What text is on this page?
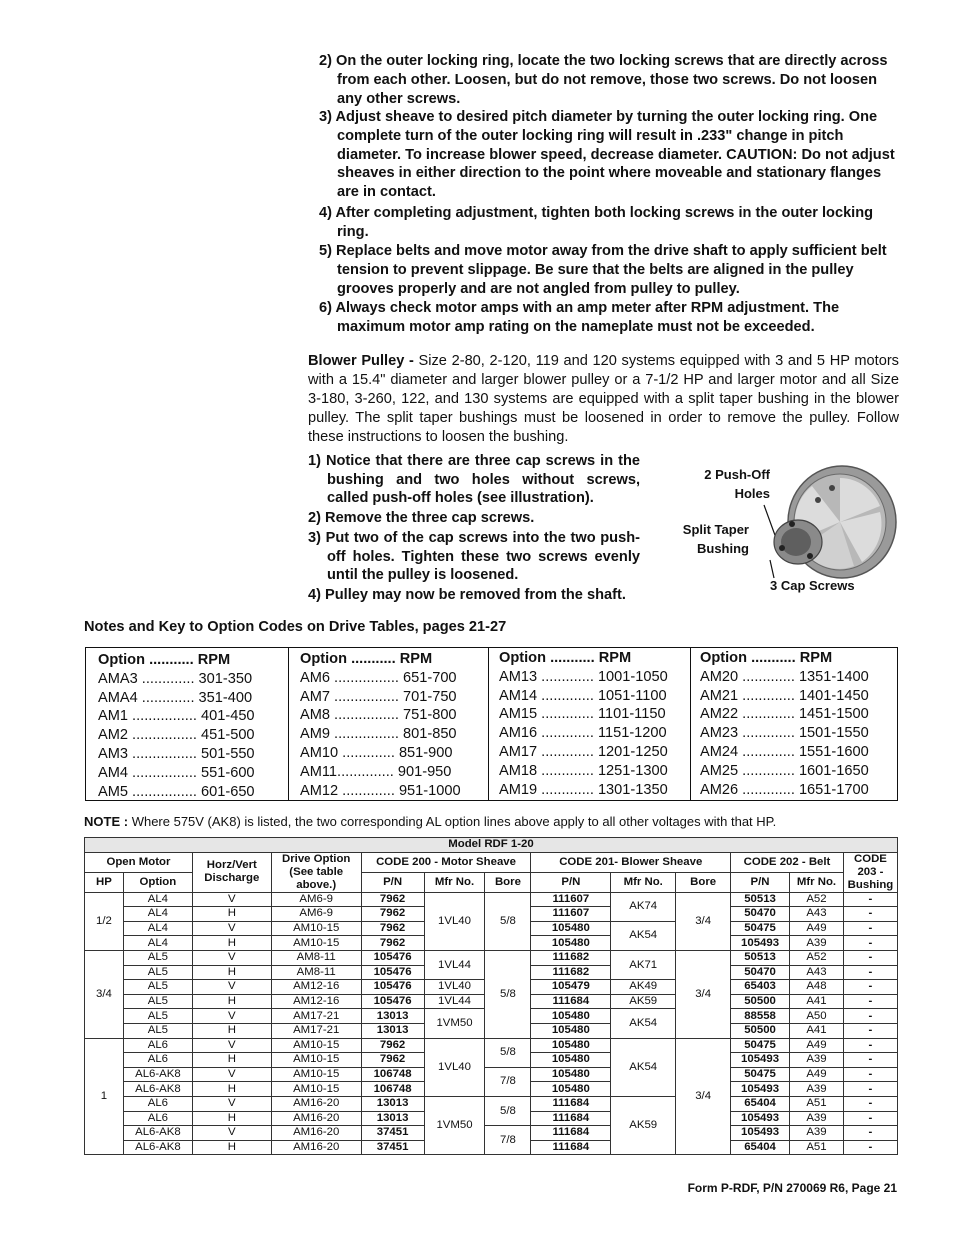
2) On the outer locking ring, locate the two locking screws that are directly across from each other. Loosen, but do not remove, those two screws. Do not loosen any other screws.
3) Adjust sheave to desired pitch diameter by turning the outer locking ring. One complete turn of the outer locking ring will result in .233" change in pitch diameter. To increase blower speed, decrease diameter. CAUTION: Do not adjust sheaves in either direction to the point where moveable and stationary flanges are in contact.
4) After completing adjustment, tighten both locking screws in the outer locking ring.
5) Replace belts and move motor away from the drive shaft to apply sufficient belt tension to prevent slippage. Be sure that the belts are aligned in the pulley grooves properly and are not angled from pulley to pulley.
6) Always check motor amps with an amp meter after RPM adjustment. The maximum motor amp rating on the nameplate must not be exceeded.
Blower Pulley - Size 2-80, 2-120, 119 and 120 systems equipped with 3 and 5 HP motors with a 15.4" diameter and larger blower pulley or a 7-1/2 HP and larger motor and all Size 3-180, 3-260, 122, and 130 systems are equipped with a split taper bushing in the blower pulley. The split taper bushings must be loosened in order to remove the pulley. Follow these instructions to loosen the bushing.
1) Notice that there are three cap screws in the bushing and two holes without screws, called push-off holes (see illustration).
2) Remove the three cap screws.
3) Put two of the cap screws into the two push-off holes. Tighten these two screws evenly until the pulley is loosened.
4) Pulley may now be removed from the shaft.
2 Push-Off
Holes
Split Taper
Bushing
3 Cap Screws
Notes and Key to Option Codes on Drive Tables, pages 21-27
Option ........... RPM
AMA3 ............. 301-350
AMA4 ............. 351-400
AM1 ................ 401-450
AM2 ................ 451-500
AM3 ................ 501-550
AM4 ................ 551-600
AM5 ................ 601-650
Option ........... RPM
AM6 ................ 651-700
AM7 ................ 701-750
AM8 ................ 751-800
AM9 ................ 801-850
AM10 ............. 851-900
AM11.............. 901-950
AM12 ............. 951-1000
Option ........... RPM
AM13 ............. 1001-1050
AM14 ............. 1051-1100
AM15 ............. 1101-1150
AM16 ............. 1151-1200
AM17 ............. 1201-1250
AM18 ............. 1251-1300
AM19 ............. 1301-1350
Option ........... RPM
AM20 ............. 1351-1400
AM21 ............. 1401-1450
AM22 ............. 1451-1500
AM23 ............. 1501-1550
AM24 ............. 1551-1600
AM25 ............. 1601-1650
AM26 ............. 1651-1700
NOTE : Where 575V (AK8) is listed, the two corresponding AL option lines above apply to all other voltages with that HP.
Model RDF 1-20												
Open Motor		Horz/Vert Discharge	Drive Option (See table above.)	CODE 200 - Motor Sheave			CODE 201- Blower Sheave			CODE 202 - Belt		CODE 203 - Bushing
HP	Option			P/N	Mfr No.	Bore	P/N	Mfr No.	Bore	P/N	Mfr No.	
1/2	AL4	V	AM6-9	7962	1VL40	5/8	111607	AK74	3/4	50513	A52	-
	AL4	H	AM6-9	7962			111607			50470	A43	-
	AL4	V	AM10-15	7962			105480	AK54		50475	A49	-
	AL4	H	AM10-15	7962			105480			105493	A39	-
3/4	AL5	V	AM8-11	105476	1VL44	5/8	111682	AK71	3/4	50513	A52	-
	AL5	H	AM8-11	105476			111682			50470	A43	-
	AL5	V	AM12-16	105476	1VL40		105479	AK49		65403	A48	-
	AL5	H	AM12-16	105476	1VL44		111684	AK59		50500	A41	-
	AL5	V	AM17-21	13013	1VM50		105480	AK54		88558	A50	-
	AL5	H	AM17-21	13013			105480			50500	A41	-
1	AL6	V	AM10-15	7962	1VL40	5/8	105480	AK54	3/4	50475	A49	-
	AL6	H	AM10-15	7962			105480			105493	A39	-
	AL6-AK8	V	AM10-15	106748		7/8	105480			50475	A49	-
	AL6-AK8	H	AM10-15	106748			105480			105493	A39	-
	AL6	V	AM16-20	13013	1VM50	5/8	111684	AK59		65404	A51	-
	AL6	H	AM16-20	13013			111684			105493	A39	-
	AL6-AK8	V	AM16-20	37451		7/8	111684			105493	A39	-
	AL6-AK8	H	AM16-20	37451			111684			65404	A51	-
Form P-RDF, P/N 270069 R6, Page 21
